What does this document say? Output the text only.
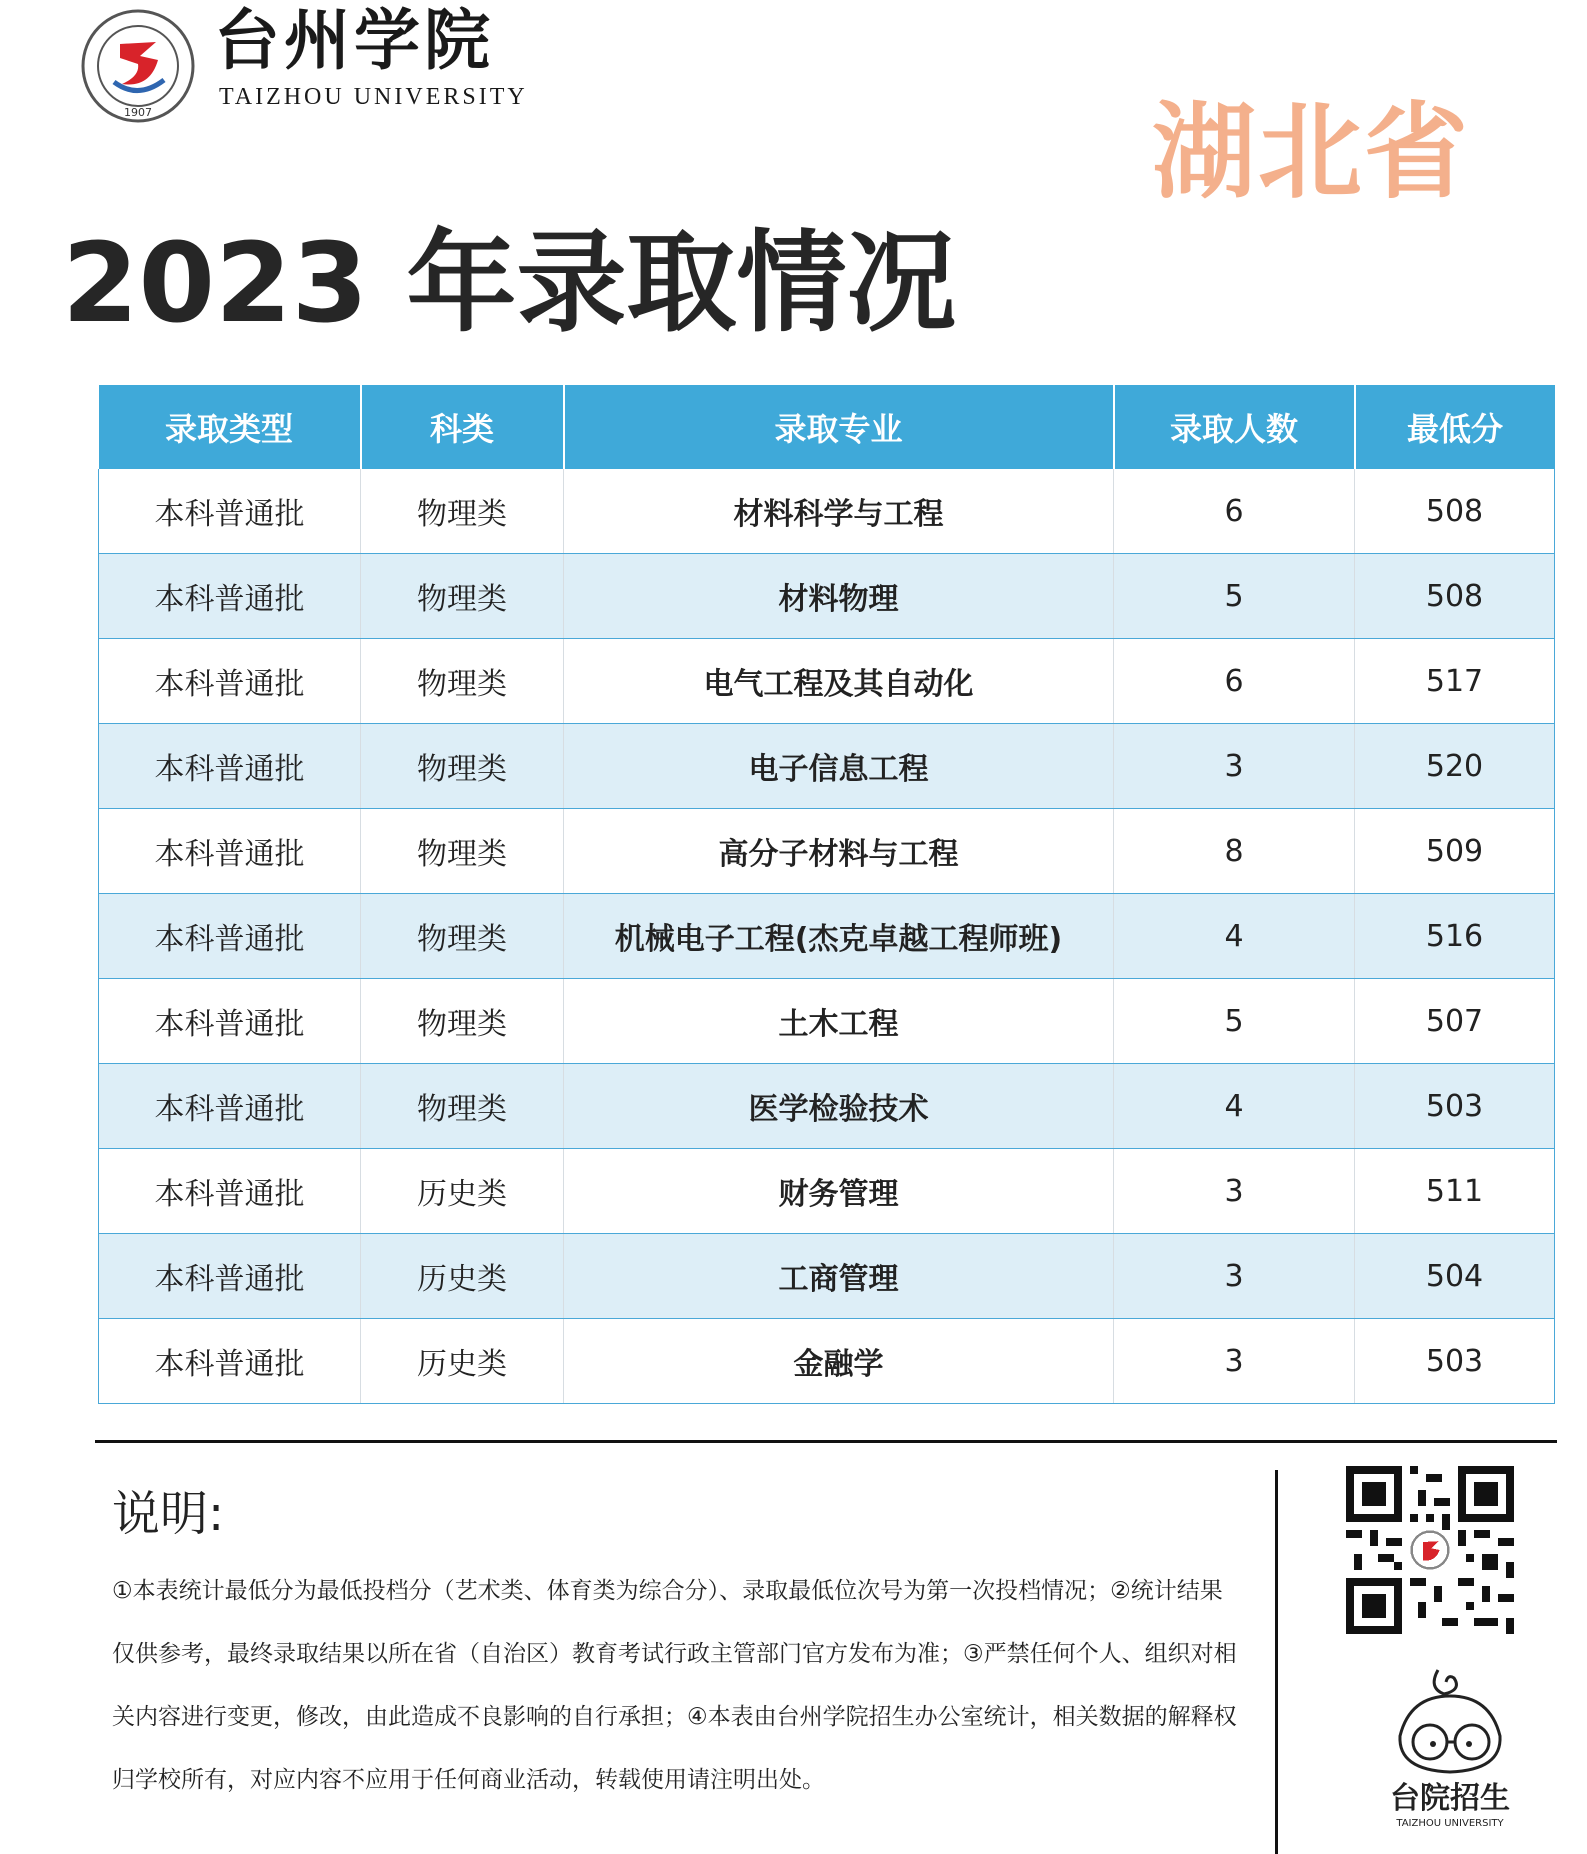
1907
台州学院
TAIZHOU UNIVERSITY	湖北省
2023 年录取情况
录取类型	科类	录取专业	录取人数	最低分
本科普通批	物理类	材料科学与工程	6	508
本科普通批	物理类	材料物理	5	508
本科普通批	物理类	电气工程及其自动化	6	517
本科普通批	物理类	电子信息工程	3	520
本科普通批	物理类	高分子材料与工程	8	509
本科普通批	物理类	机械电子工程(杰克卓越工程师班)	4	516
本科普通批	物理类	土木工程	5	507
本科普通批	物理类	医学检验技术	4	503
本科普通批	历史类	财务管理	3	511
本科普通批	历史类	工商管理	3	504
本科普通批	历史类	金融学	3	503
说明:

①本表统计最低分为最低投档分（艺术类、体育类为综合分）、录取最低位次号为第一次投档情况；②统计结果仅供参考，最终录取结果以所在省（自治区）教育考试行政主管部门官方发布为准；③严禁任何个人、组织对相关内容进行变更，修改，由此造成不良影响的自行承担；④本表由台州学院招生办公室统计，相关数据的解释权归学校所有，对应内容不应用于任何商业活动，转载使用请注明出处。

台院招生
TAIZHOU UNIVERSITY
